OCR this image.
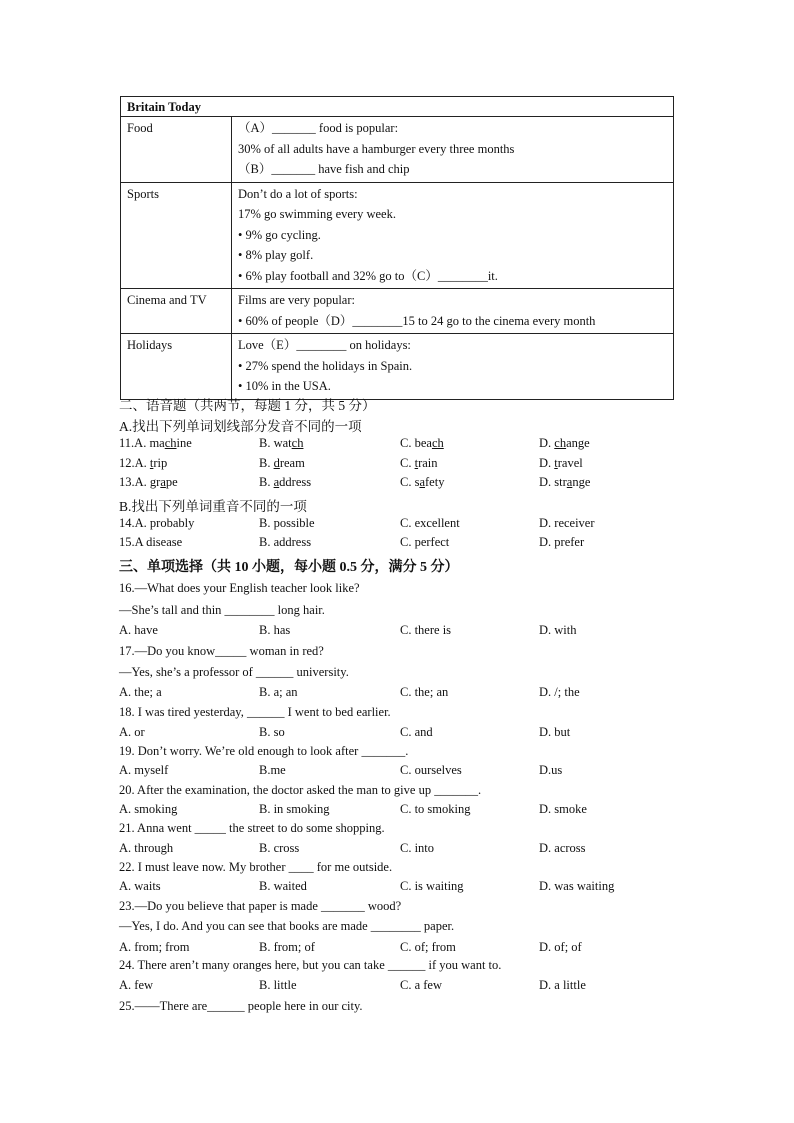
Britain Today	
Food	（A）_______ food is popular:
30% of all adults have a hamburger every three months
（B）_______ have fish and chip

Sports	Don’t do a lot of sports:
17% go swimming every week.
• 9% go cycling.
• 8% play golf.
• 6% play football and 32% go to（C）________it.

Cinema and TV	Films are very popular:
• 60% of people（D）________15 to 24 go to the cinema every month

Holidays	Love（E）________ on holidays:
• 27% spend the holidays in Spain.
• 10% in the USA.
二、语音题（共两节，每题 1 分，共 5 分）
A.找出下列单词划线部分发音不同的一项
11.A. machine	B. watch	C. beach	D. change
12.A. trip	B. dream	C. train	D. travel
13.A. grape	B. address	C. safety	D. strange
14.A. probably	B. possible	C. excellent	D. receiver
15.A disease	B. address	C. perfect	D. prefer
B.找出下列单词重音不同的一项
三、单项选择（共 10 小题，每小题 0.5 分，满分 5 分）
16.—What does your English teacher look like?
—She’s tall and thin ________ long hair.
A. have	B. has	C. there is	D. with
17.—Do you know_____ woman in red?
—Yes, she’s a professor of ______ university.
A. the; a	B. a; an	C. the; an	D. /; the
18. I was tired yesterday, ______ I went to bed earlier.
A. or	B. so	C. and	D. but
19. Don’t worry. We’re old enough to look after _______.
A. myself	B.me	C. ourselves	D.us
20. After the examination, the doctor asked the man to give up _______.
A. smoking	B. in smoking	C. to smoking	D. smoke
21. Anna went _____ the street to do some shopping.
A. through	B. cross	C. into	D. across
22. I must leave now. My brother ____ for me outside.
A. waits	B. waited	C. is waiting	D. was waiting
23.—Do you believe that paper is made _______ wood?
—Yes, I do. And you can see that books are made ________ paper.
A. from; from	B. from; of	C. of; from	D. of; of
24. There aren’t many oranges here, but you can take ______ if you want to.
A. few	B. little	C. a few	D. a little
25.——There are______ people here in our city.
